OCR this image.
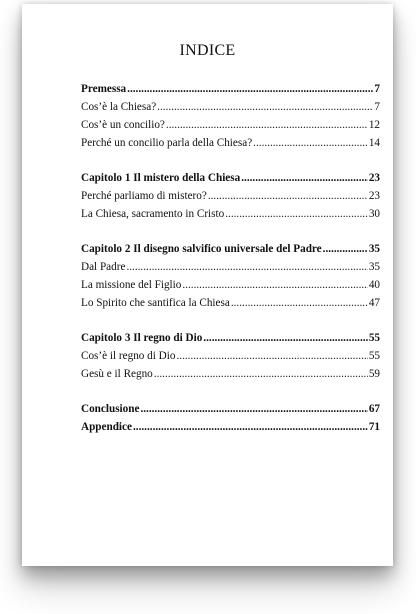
INDICE
Premessa .....	7
Cos’è la Chiesa? .....	7
Cos’è un concilio? .....	12
Perché un concilio parla della Chiesa? .....	14
Capitolo 1 Il mistero della Chiesa .....	23
Perché parliamo di mistero? .....	23
La Chiesa, sacramento in Cristo .....	30
Capitolo 2 Il disegno salvifico universale del Padre .....	35
Dal Padre .....	35
La missione del Figlio .....	40
Lo Spirito che santifica la Chiesa .....	47
Capitolo 3 Il regno di Dio .....	55
Cos’è il regno di Dio .....	55
Gesù e il Regno .....	59
Conclusione .....	67
Appendice .....	71
